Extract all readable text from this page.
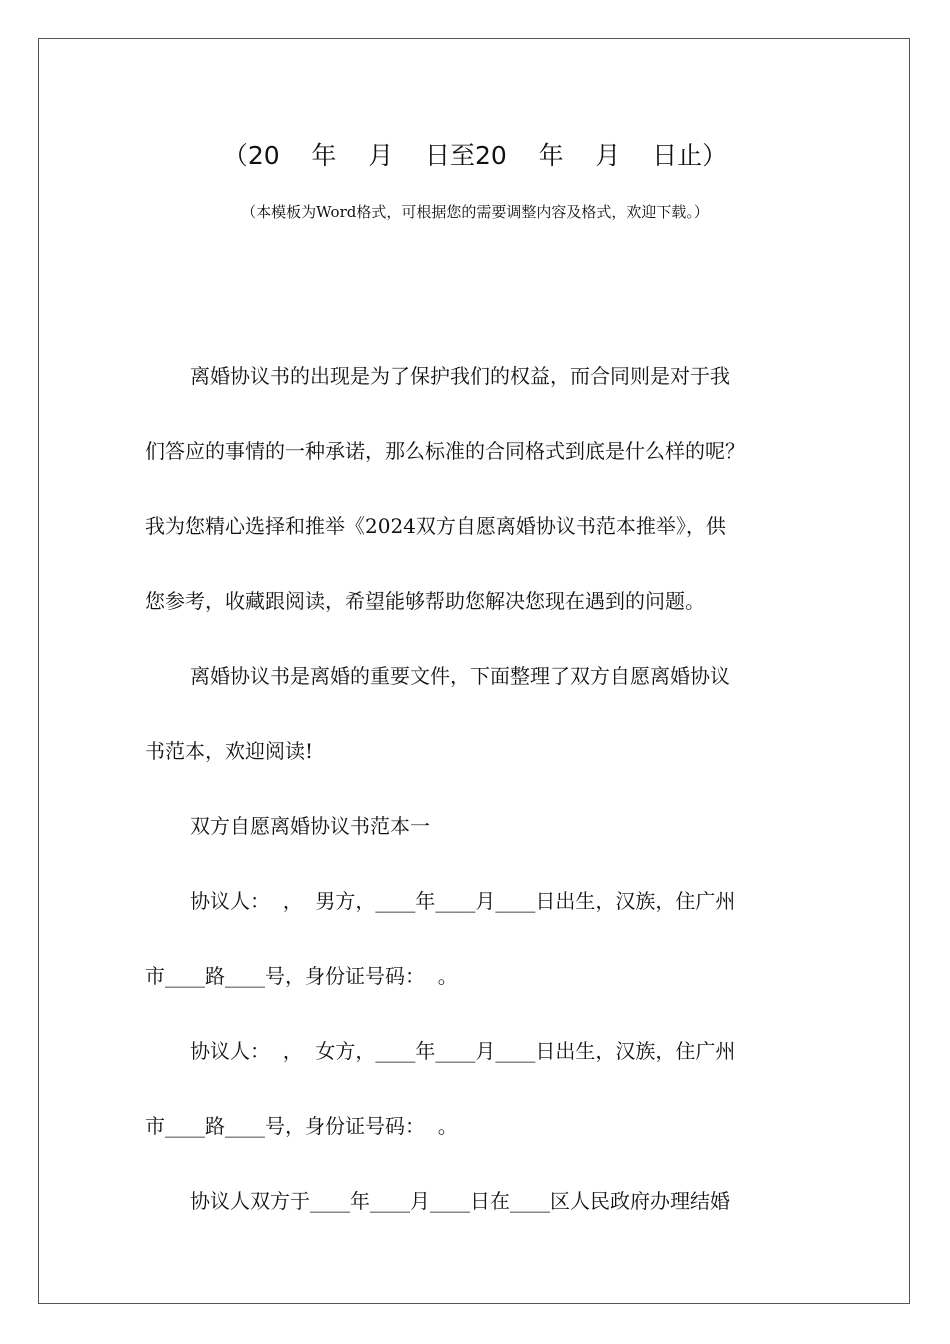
（20    年    月    日至20    年    月    日止）
（本模板为Word格式，可根据您的需要调整内容及格式，欢迎下载。）
离婚协议书的出现是为了保护我们的权益，而合同则是对于我
们答应的事情的一种承诺，那么标准的合同格式到底是什么样的呢？
我为您精心选择和推举《2024双方自愿离婚协议书范本推举》，供
您参考，收藏跟阅读，希望能够帮助您解决您现在遇到的问题。
离婚协议书是离婚的重要文件，下面整理了双方自愿离婚协议
书范本，欢迎阅读!
双方自愿离婚协议书范本一
协议人：  ，  男方，____年____月____日出生，汉族，住广州
市____路____号，身份证号码：  。
协议人：  ，  女方，____年____月____日出生，汉族，住广州
市____路____号，身份证号码：  。
协议人双方于____年____月____日在____区人民政府办理结婚
